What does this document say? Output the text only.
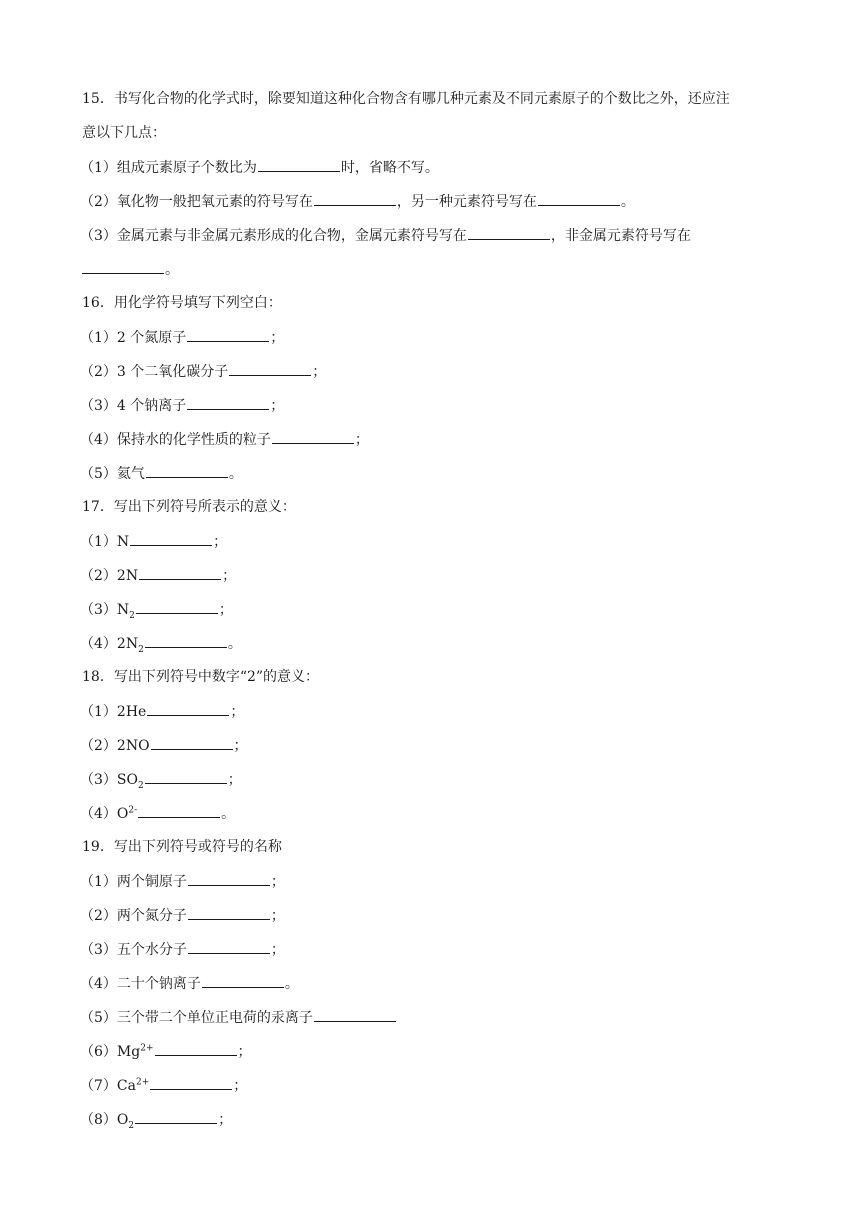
15．书写化合物的化学式时，除要知道这种化合物含有哪几种元素及不同元素原子的个数比之外，还应注
意以下几点：
（1）组成元素原子个数比为	时，省略不写。
（2）氧化物一般把氧元素的符号写在	，另一种元素符号写在	。
（3）金属元素与非金属元素形成的化合物，金属元素符号写在	，非金属元素符号写在
。
16．用化学符号填写下列空白：
（1）2 个氮原子	；
（2）3 个二氧化碳分子	；
（3）4 个钠离子	；
（4）保持水的化学性质的粒子	；
（5）氦气	。
17．写出下列符号所表示的意义：
（1）N	；
（2）2N	；
$(3)N_2$	；
$(4)2N_2$	。
18．写出下列符号中数字“2”的意义：
（1）2He	；
（2）2NO	；
$(3)SO_2$	；
$(4)O^{2-}$	。
19．写出下列符号或符号的名称
（1）两个铜原子	；
（2）两个氮分子	；
（3）五个水分子	；
（4）二十个钠离子	。
（5）三个带二个单位正电荷的汞离子
$(6)Mg^{2+}$	；
$(7)Ca^{2+}$	；
$(8)O_2$	；
